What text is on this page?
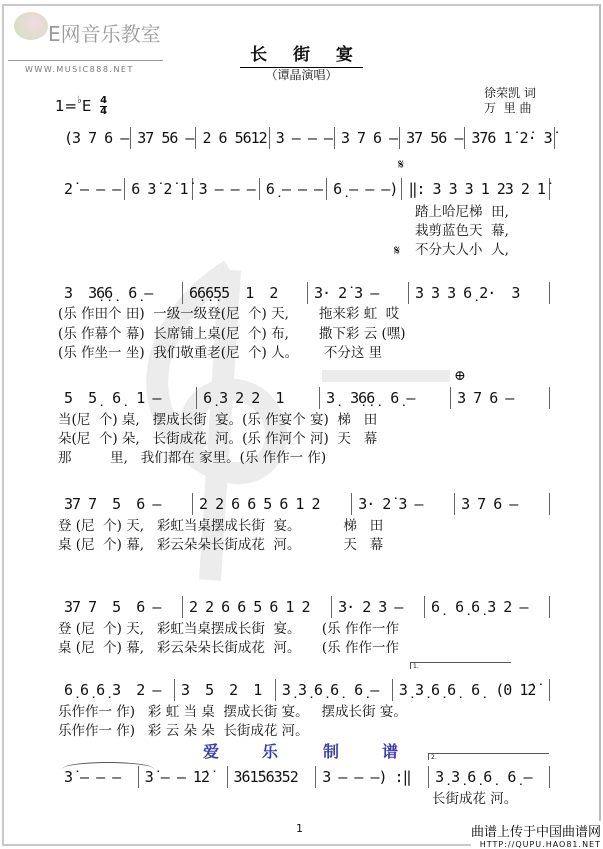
E网音乐教室
WWW.MUSIC888.NET
长 街 宴
（谭晶演唱）
$1=^♭E \frac{4}{4}$
徐荣凯 词
万  里 曲
(3 7 6 – 37 56 – 2 6 5612 3 – – – 3 7 6 – 37 56 – 376 1̇ 2̇· 3̇
𝄋
2̇ – – – 6 3̇ 2̇ 1̇ 3 – – – 6̣ – – – 6̣ – – –) ‖: 3 3 3 1 23 2 1̇
踏上哈尼梯  田,
栽剪蓝色天  幕,
𝄋 不分大人小  人,
3  3̣6̣6̣  6̣ –	6̣6̣6̣55  1  2	3· 2̇ 3 –	3 3 3 6̣ 2·  3
(乐 作田个 田)  一级一级登(尼  个) 天,       拖来彩 虹  哎
(乐 作幕个 幕)  长席铺上桌(尼  个) 布,       撒下彩 云 (嘿)
(乐 作坐一 坐)  我们敬重老(尼  个) 人。      不分这 里
⊕
5  5̣  6̣  1 –	6̣ 3 2 2  1	3̣  3̣6̣6̣  6̣ –	3 7 6 –
当(尼  个) 桌,   摆成长街  宴。(乐 作宴个 宴)  梯   田
朵(尼  个) 朵,   长街成花  河。(乐 作河个 河)  天   幕
那         里,   我们都在 家里。(乐 作作一 作)
37 7  5  6 –	2 2 6 6 5 6 1 2	3· 2̇ 3 –	3 7 6 –
登 (尼  个) 天,   彩虹当桌摆成长街  宴。          梯   田
桌 (尼  个) 幕,   彩云朵朵长街成花  河。          天   幕
37 7  5  6 –	2 2 6 6 5 6 1 2	3· 2 3 –	6̣  6̣ 6̣ 3 2 –
登 (尼  个) 天,   彩虹当桌摆成长街  宴。     (乐 作作一作
桌 (尼  个) 幕,   彩云朵朵长街成花  河。     (乐 作作一作
1.
6̣ 6̣ 6̣ 3  2 –	3  5  2  1	3̣ 3̣ 6̣ 6̣  6̣ –	3̣ 3̣ 6̣ 6̣  6̣  (0 1̇2̇
乐作作一 作)   彩 虹 当 桌  摆成长街 宴。   摆成长街 宴。
乐作作一 作)   彩 云 朵 朵  长街成花 河。
2.
3̇ – – –	3̇ – – 1̇2̇	3̇61̇56352	3 – – –) :‖	3̣ 3̣ 6̣ 6̣  6̣ –
长街成花 河。
爱	乐	制	谱
1	曲谱上传于中国曲谱网
HTTP://QUPU.HAO81.NET
